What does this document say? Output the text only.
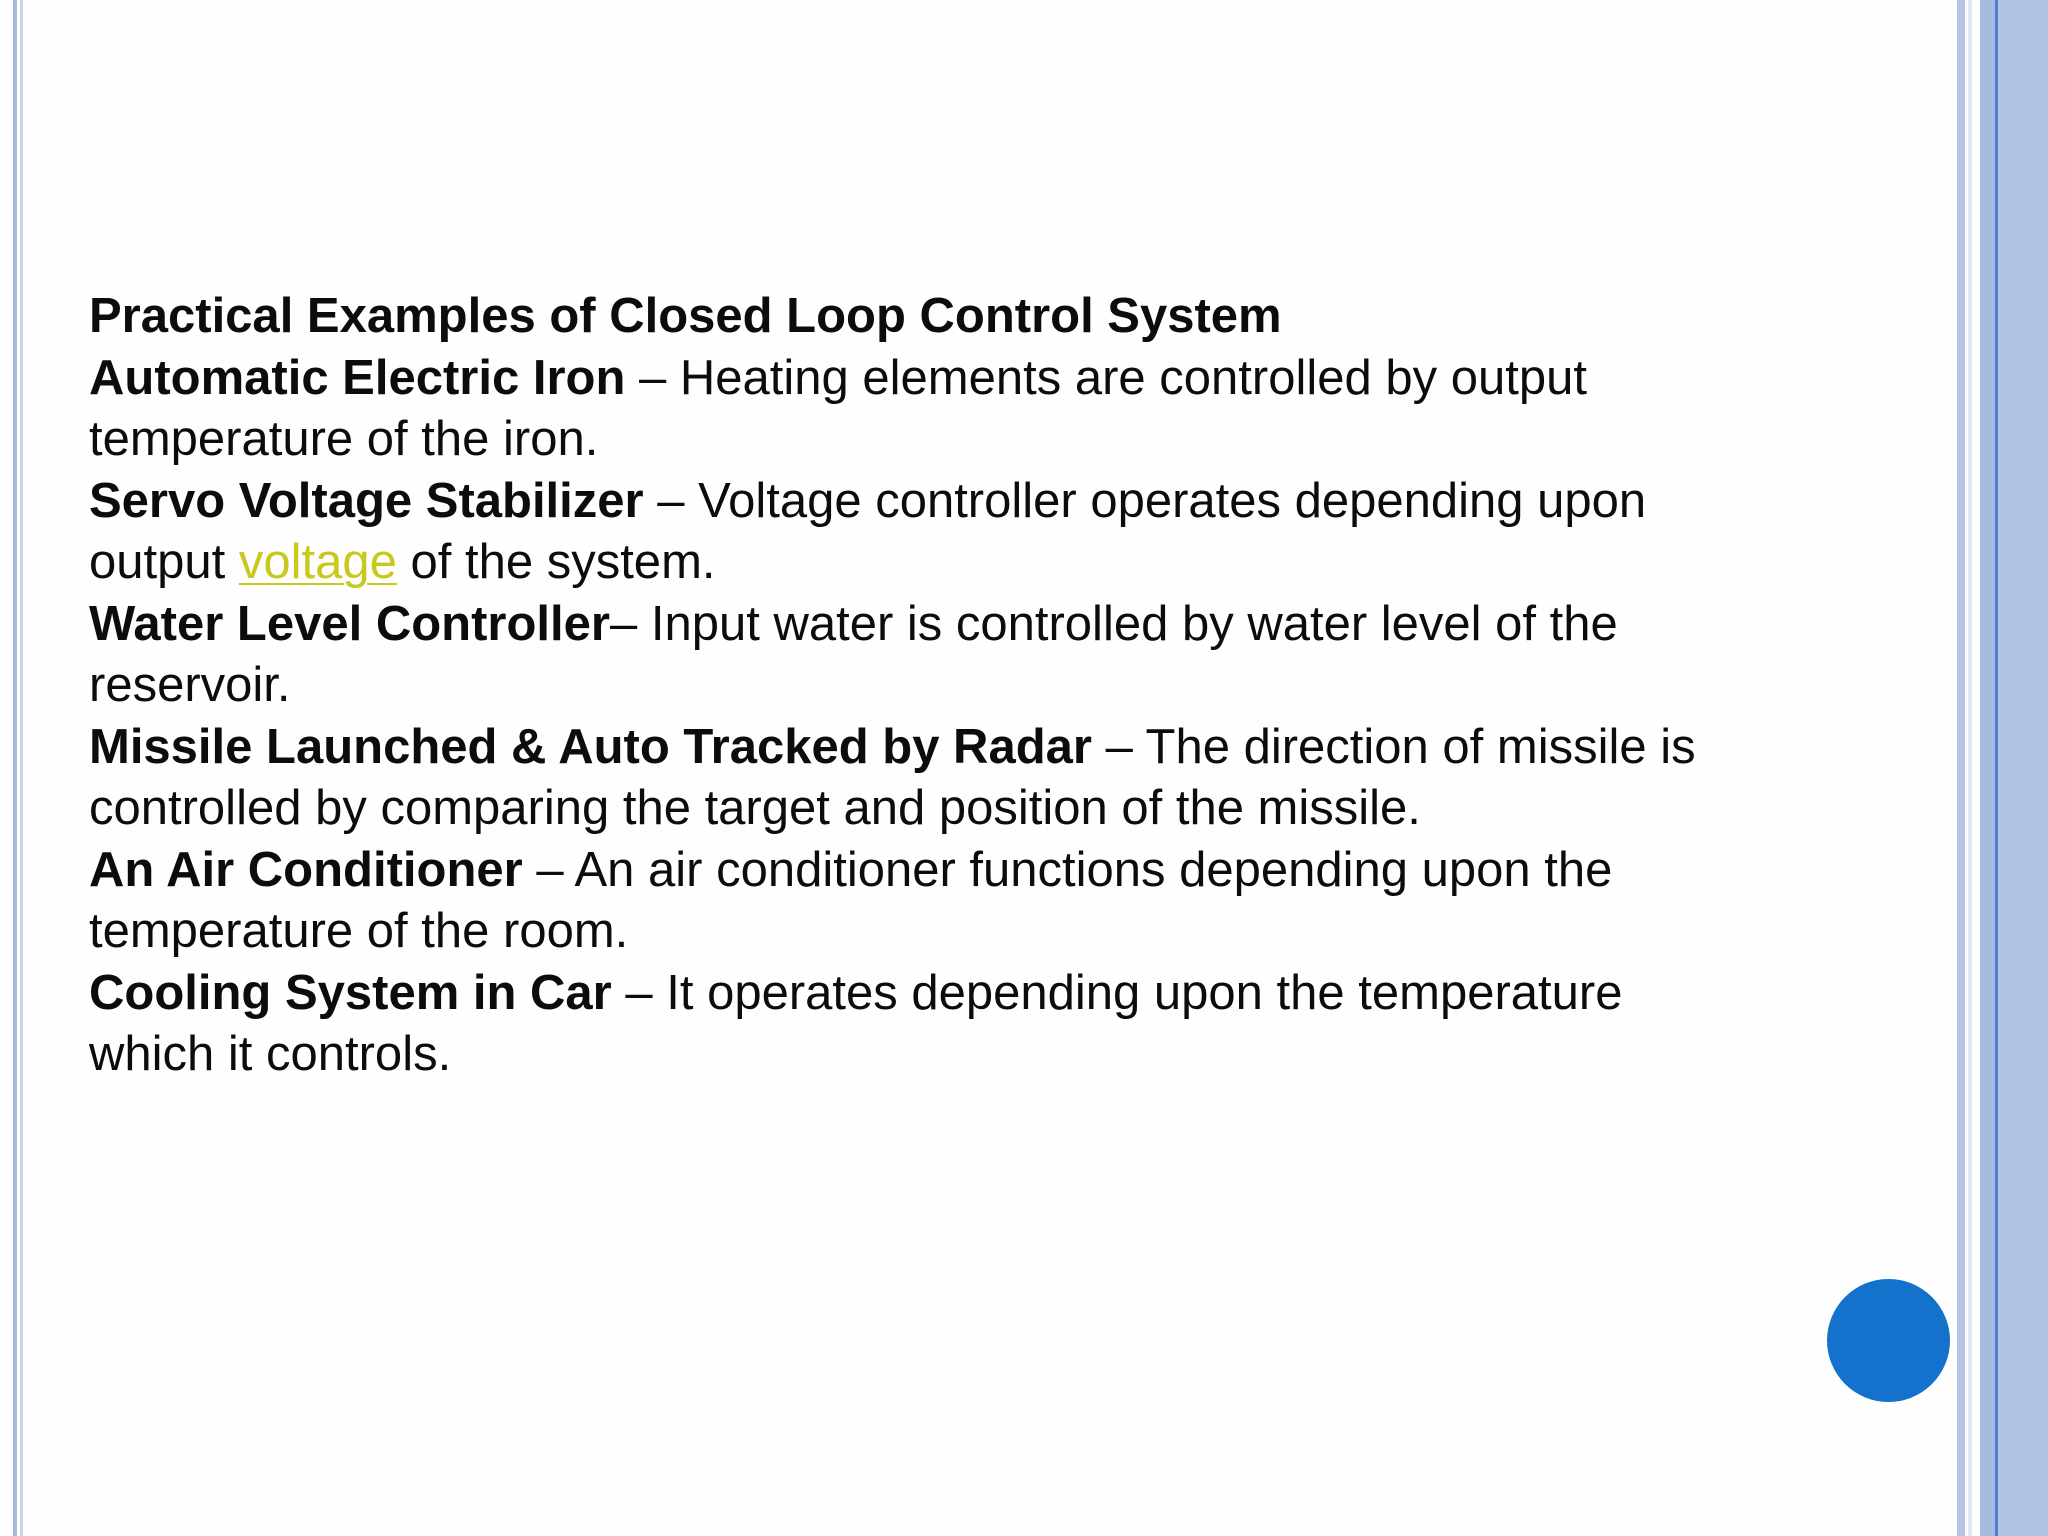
Practical Examples of Closed Loop Control System
Automatic Electric Iron – Heating elements are controlled by output
temperature of the iron.
Servo Voltage Stabilizer – Voltage controller operates depending upon
output voltage of the system.
Water Level Controller– Input water is controlled by water level of the
reservoir.
Missile Launched & Auto Tracked by Radar – The direction of missile is
controlled by comparing the target and position of the missile.
An Air Conditioner – An air conditioner functions depending upon the
temperature of the room.
Cooling System in Car – It operates depending upon the temperature
which it controls.
